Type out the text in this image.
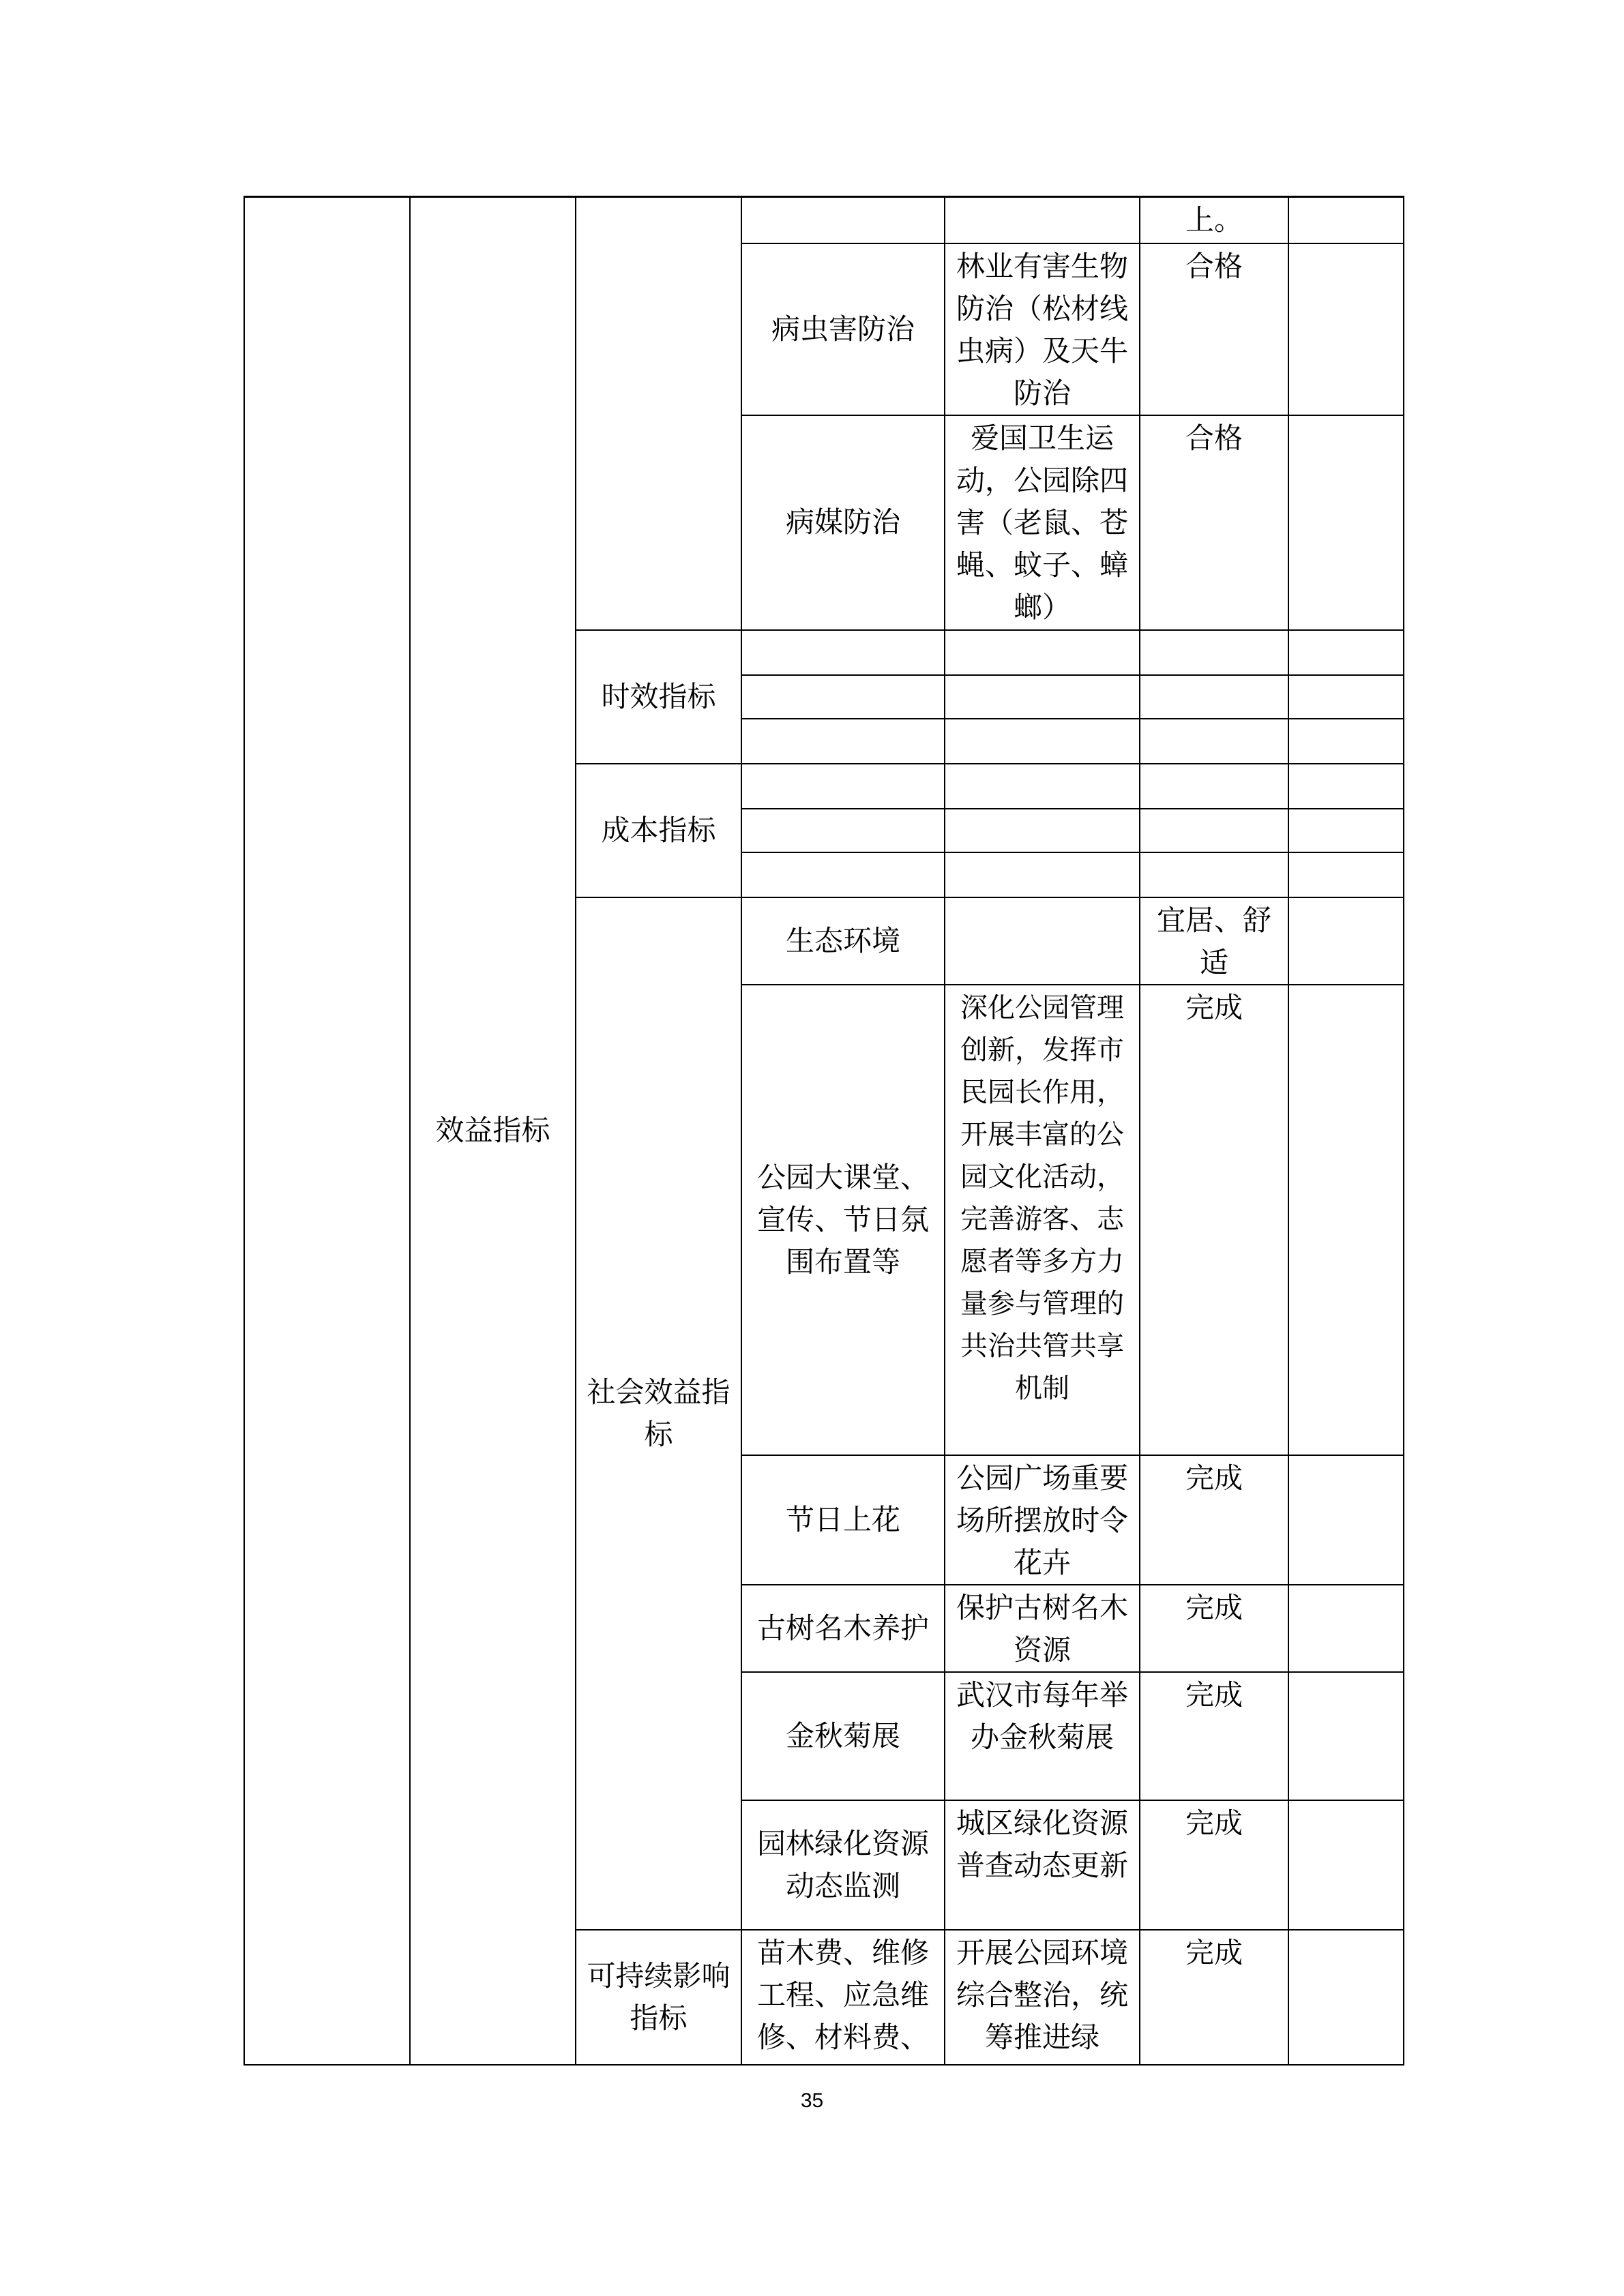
	效益指标				上。	
			病虫害防治	林业有害生物防治（松材线虫病）及天牛防治	合格	
			病媒防治	爱国卫生运动，公园除四害（老鼠、苍蝇、蚊子、蟑螂）	合格	
		时效指标				

		成本指标				

		社会效益指标	生态环境		宜居、舒适	
			公园大课堂、宣传、节日氛围布置等	深化公园管理创新，发挥市民园长作用，开展丰富的公园文化活动，完善游客、志愿者等多方力量参与管理的共治共管共享机制	完成	
			节日上花	公园广场重要场所摆放时令花卉	完成	
			古树名木养护	保护古树名木资源	完成	
			金秋菊展	武汉市每年举办金秋菊展	完成	
			园林绿化资源动态监测	城区绿化资源普查动态更新	完成	
		可持续影响指标	苗木费、维修工程、应急维修、材料费、	开展公园环境综合整治，统筹推进绿	完成	
35
